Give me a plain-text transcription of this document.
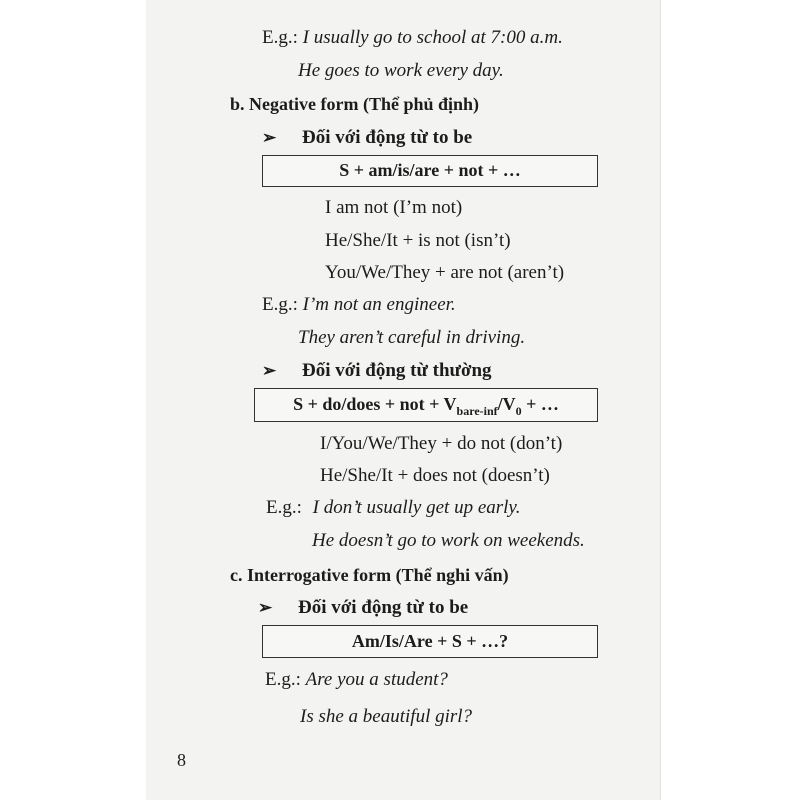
E.g.: I usually go to school at 7:00 a.m.
He goes to work every day.
b. Negative form (Thể phủ định)
➢ Đối với động từ to be
S + am/is/are + not + …
I am not (I’m not)
He/She/It + is not (isn’t)
You/We/They + are not (aren’t)
E.g.: I’m not an engineer.
They aren’t careful in driving.
➢ Đối với động từ thường
S + do/does + not + $V_{bare-inf}/V_0$ + …
I/You/We/They + do not (don’t)
He/She/It + does not (doesn’t)
E.g.: I don’t usually get up early.
He doesn’t go to work on weekends.
c. Interrogative form (Thể nghi vấn)
➢ Đối với động từ to be
Am/Is/Are + S + …?
E.g.: Are you a student?
Is she a beautiful girl?
8
